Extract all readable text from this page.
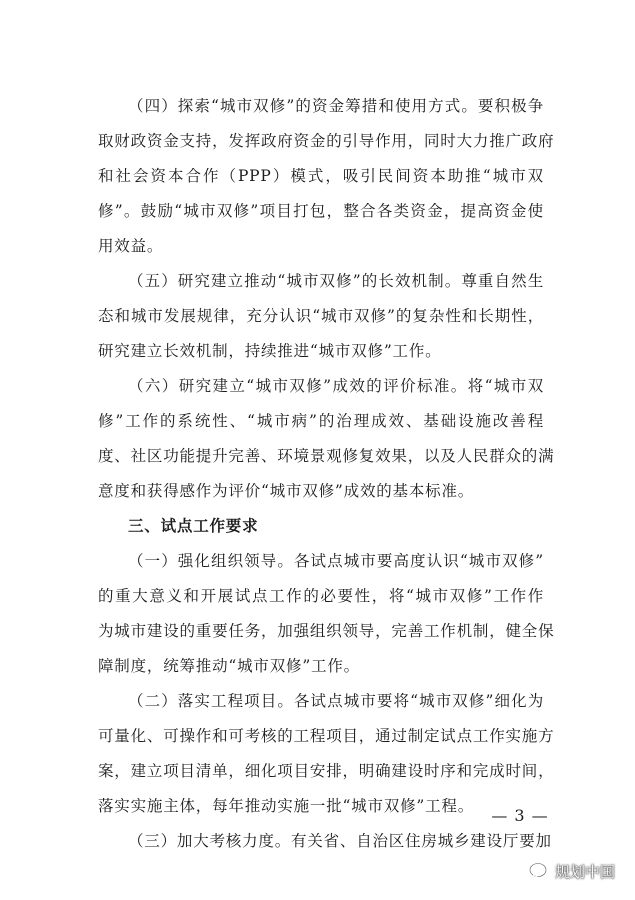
（四）探索“城市双修”的资金筹措和使用方式。要积极争
取财政资金支持，发挥政府资金的引导作用，同时大力推广政府
和社会资本合作（PPP）模式，吸引民间资本助推“城市双
修”。鼓励“城市双修”项目打包，整合各类资金，提高资金使
用效益。
（五）研究建立推动“城市双修”的长效机制。尊重自然生
态和城市发展规律，充分认识“城市双修”的复杂性和长期性，
研究建立长效机制，持续推进“城市双修”工作。
（六）研究建立“城市双修”成效的评价标准。将“城市双
修”工作的系统性、“城市病”的治理成效、基础设施改善程
度、社区功能提升完善、环境景观修复效果，以及人民群众的满
意度和获得感作为评价“城市双修”成效的基本标准。
三、试点工作要求
（一）强化组织领导。各试点城市要高度认识“城市双修”
的重大意义和开展试点工作的必要性，将“城市双修”工作作
为城市建设的重要任务，加强组织领导，完善工作机制，健全保
障制度，统筹推动“城市双修”工作。
（二）落实工程项目。各试点城市要将“城市双修”细化为
可量化、可操作和可考核的工程项目，通过制定试点工作实施方
案，建立项目清单，细化项目安排，明确建设时序和完成时间，
落实实施主体，每年推动实施一批“城市双修”工程。
（三）加大考核力度。有关省、自治区住房城乡建设厅要加
— 3 —
规划中国
